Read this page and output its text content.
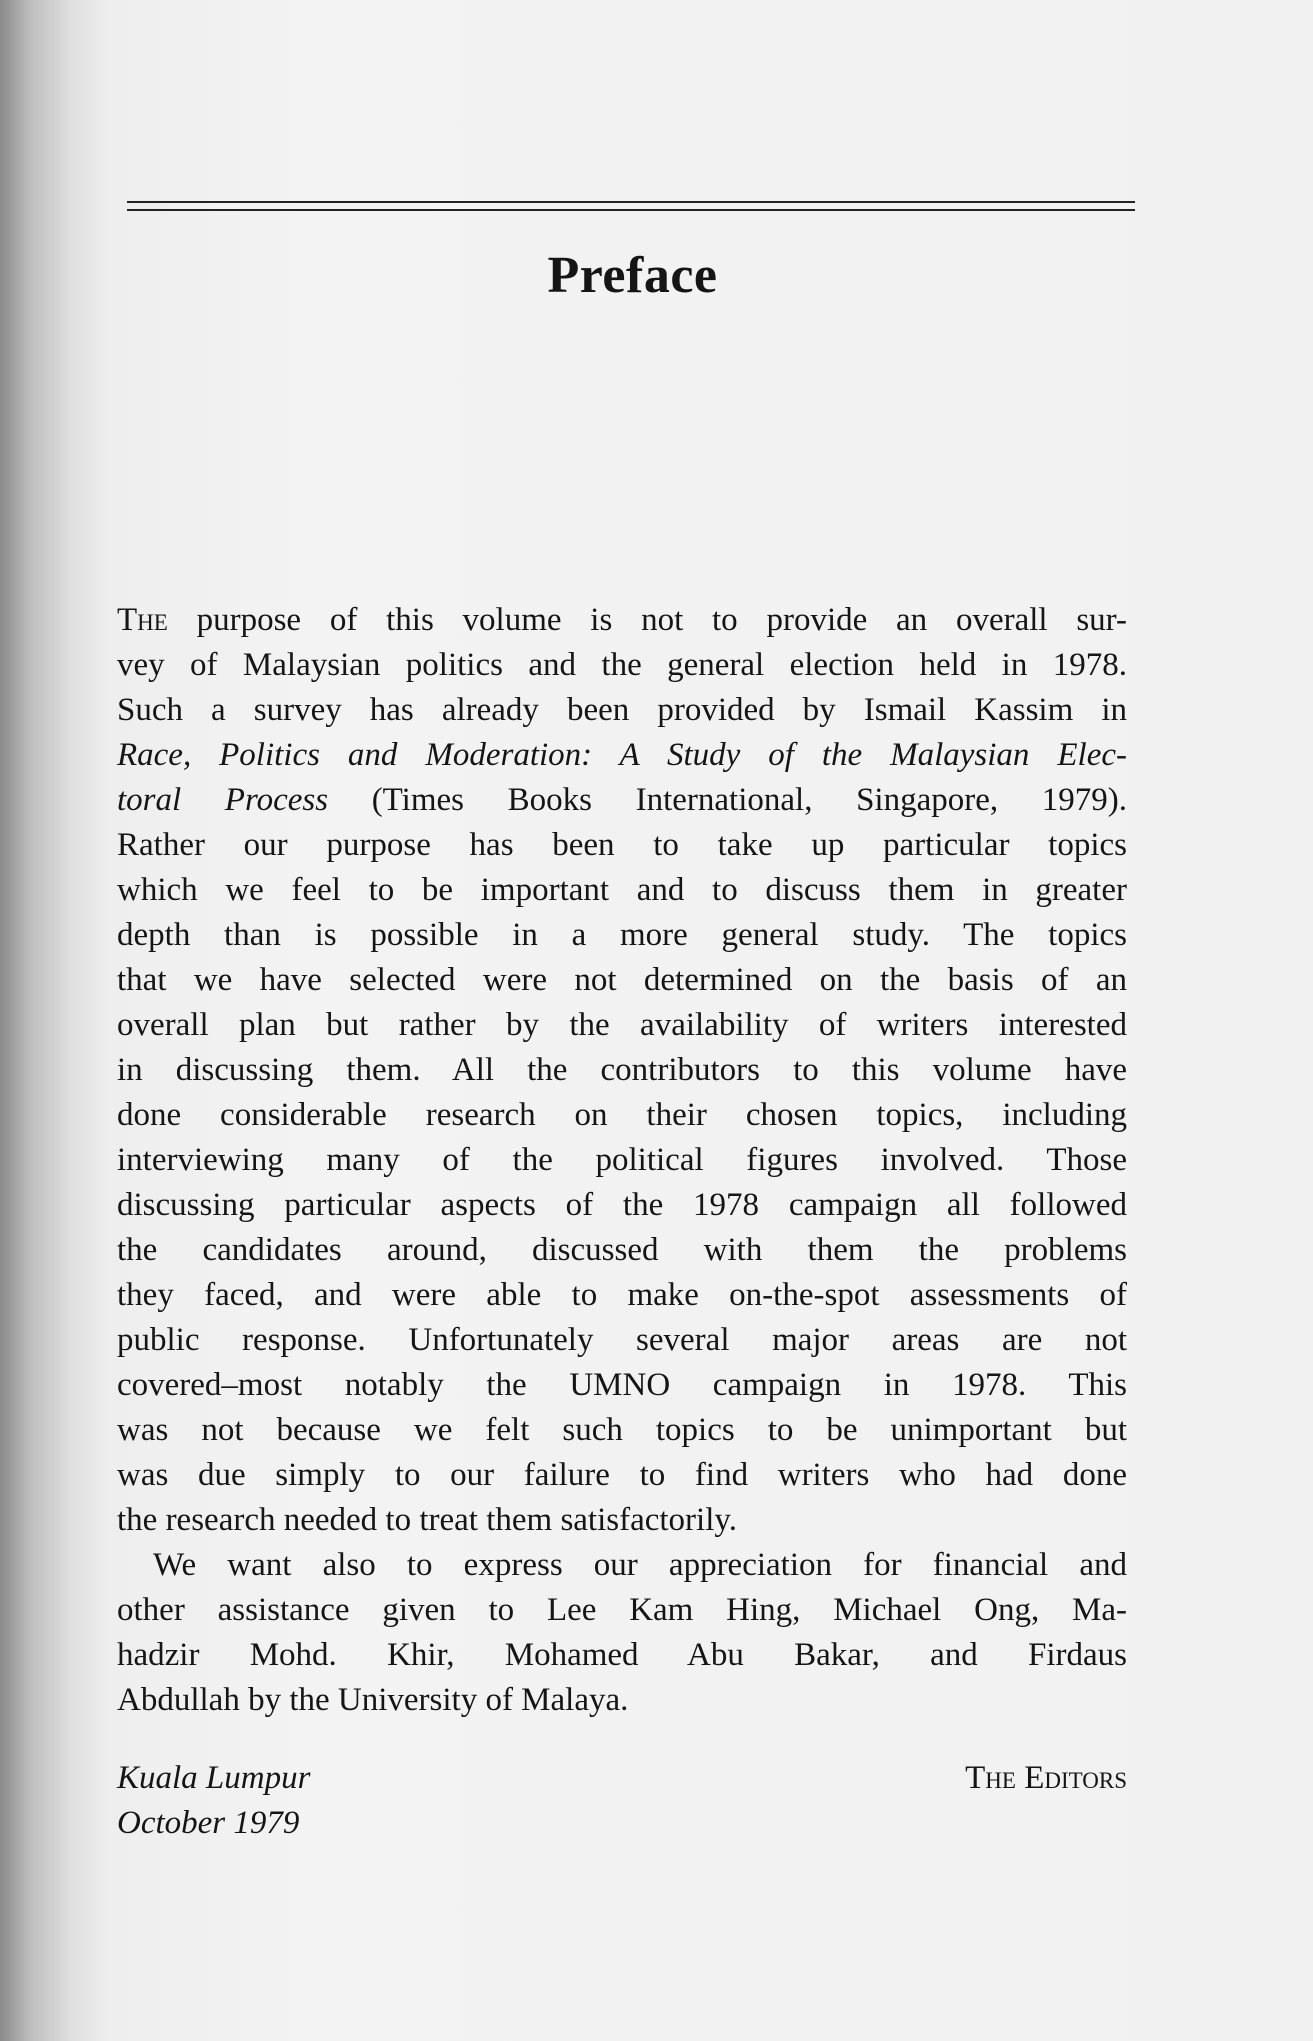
Preface
The purpose of this volume is not to provide an overall sur-
vey of Malaysian politics and the general election held in 1978.
Such a survey has already been provided by Ismail Kassim in
Race, Politics and Moderation: A Study of the Malaysian Elec-
toral Process (Times Books International, Singapore, 1979).
Rather our purpose has been to take up particular topics
which we feel to be important and to discuss them in greater
depth than is possible in a more general study. The topics
that we have selected were not determined on the basis of an
overall plan but rather by the availability of writers interested
in discussing them. All the contributors to this volume have
done considerable research on their chosen topics, including
interviewing many of the political figures involved. Those
discussing particular aspects of the 1978 campaign all followed
the candidates around, discussed with them the problems
they faced, and were able to make on-the-spot assessments of
public response. Unfortunately several major areas are not
covered–most notably the UMNO campaign in 1978. This
was not because we felt such topics to be unimportant but
was due simply to our failure to find writers who had done
the research needed to treat them satisfactorily.
We want also to express our appreciation for financial and
other assistance given to Lee Kam Hing, Michael Ong, Ma-
hadzir Mohd. Khir, Mohamed Abu Bakar, and Firdaus
Abdullah by the University of Malaya.
Kuala Lumpur	The Editors
October 1979
